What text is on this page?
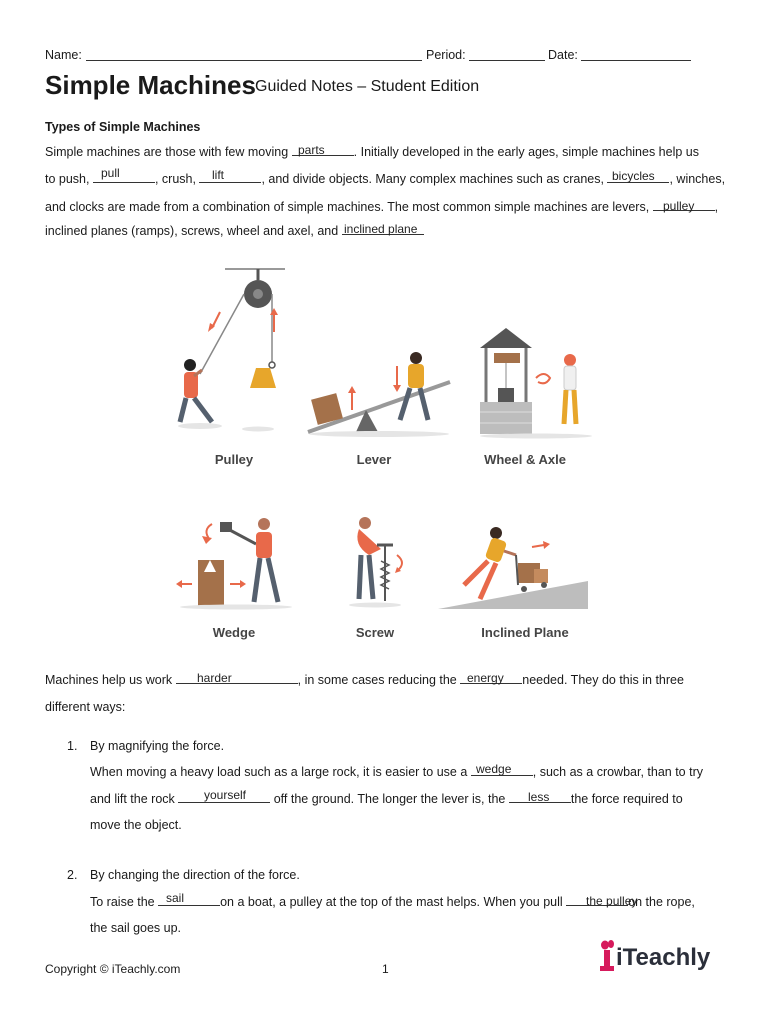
Name:	Period:	Date:
Simple Machines Guided Notes – Student Edition
Types of Simple Machines
Simple machines are those with few moving	. Initially developed in the early ages, simple machines help us
parts
to push,	, crush,	, and divide objects. Many complex machines such as cranes,	, winches,
pull	lift	bicycles
and clocks are made from a combination of simple machines. The most common simple machines are levers,	,
pulley
inclined planes (ramps), screws, wheel and axel, and inclined plane
Pulley	Lever	Wheel & Axle
Wedge	Screw	Inclined Plane
Machines help us work	, in some cases reducing the	needed. They do this in three
harder	energy
different ways:
1. By magnifying the force.
When moving a heavy load such as a large rock, it is easier to use a	, such as a crowbar, than to try
wedge
and lift the rock	off the ground. The longer the lever is, the	the force required to
yourself	less
move the object.
2. By changing the direction of the force.
To raise the	on a boat, a pulley at the top of the mast helps. When you pull	on the rope,
sail	the pulley
the sail goes up.
Copyright © iTeachly.com	1	iTeachly
